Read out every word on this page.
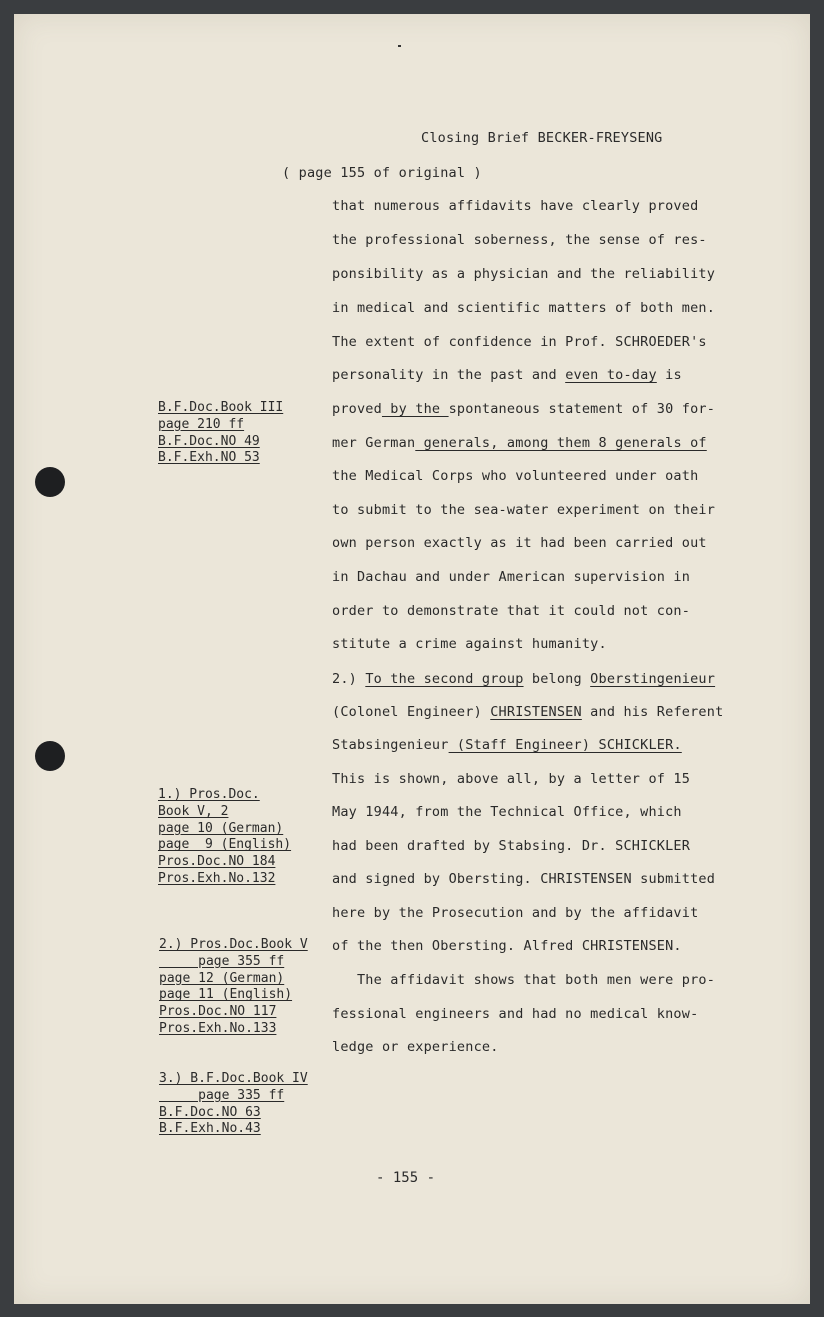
Closing Brief BECKER-FREYSENG
( page 155 of original )
that numerous affidavits have clearly proved
the professional soberness, the sense of res-
ponsibility as a physician and the reliability
in medical and scientific matters of both men.
The extent of confidence in Prof. SCHROEDER's
personality in the past and even to-day is
proved by the spontaneous statement of 30 for-
mer German generals, among them 8 generals of
the Medical Corps who volunteered under oath
to submit to the sea-water experiment on their
own person exactly as it had been carried out
in Dachau and under American supervision in
order to demonstrate that it could not con-
stitute a crime against humanity.
2.) To the second group belong Oberstingenieur
(Colonel Engineer) CHRISTENSEN and his Referent
Stabsingenieur (Staff Engineer) SCHICKLER.
This is shown, above all, by a letter of 15
May 1944, from the Technical Office, which
had been drafted by Stabsing. Dr. SCHICKLER
and signed by Obersting. CHRISTENSEN submitted
here by the Prosecution and by the affidavit
of the then Obersting. Alfred CHRISTENSEN.
The affidavit shows that both men were pro-
fessional engineers and had no medical know-
ledge or experience.
B.F.Doc.Book III
page 210 ff
B.F.Doc.NO 49
B.F.Exh.NO 53
1.) Pros.Doc.
Book V, 2
page 10 (German)
page  9 (English)
Pros.Doc.NO 184
Pros.Exh.No.132
2.) Pros.Doc.Book V
page 355 ff
page 12 (German)
page 11 (English)
Pros.Doc.NO 117
Pros.Exh.No.133
3.) B.F.Doc.Book IV
page 335 ff
B.F.Doc.NO 63
B.F.Exh.No.43
- 155 -
